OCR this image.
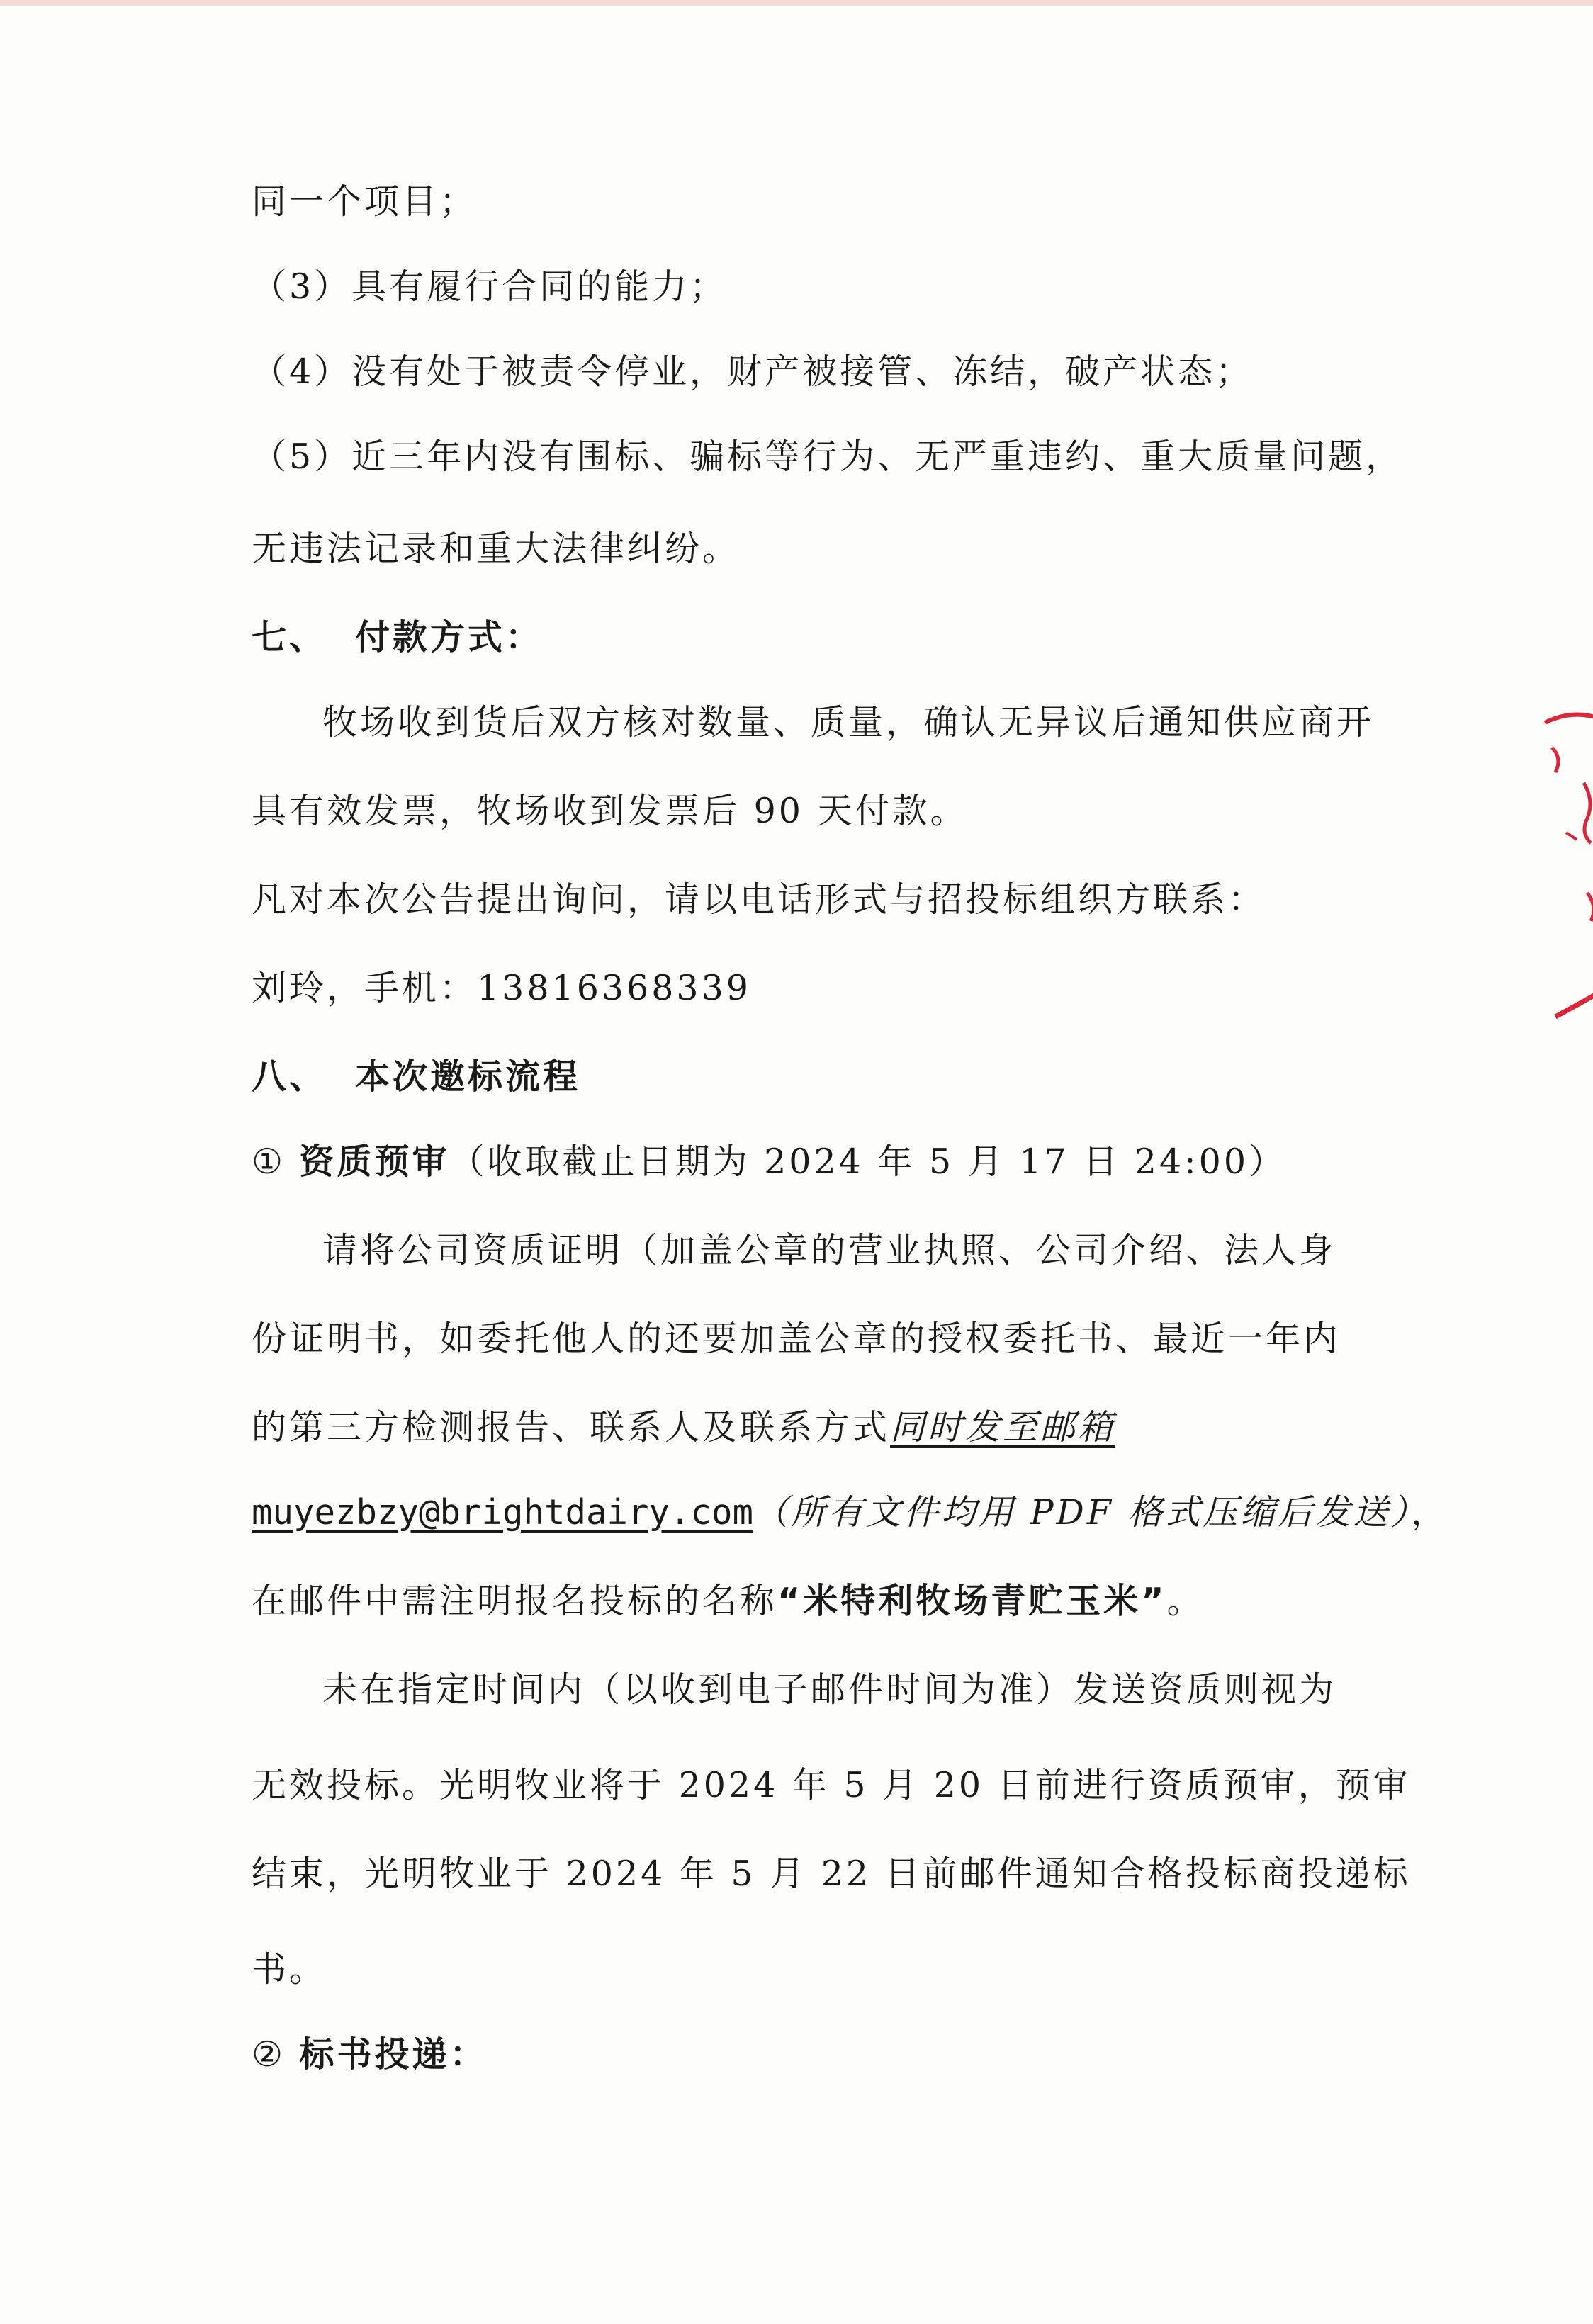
同一个项目；
（3）具有履行合同的能力；
（4）没有处于被责令停业，财产被接管、冻结，破产状态；
（5）近三年内没有围标、骗标等行为、无严重违约、重大质量问题，
无违法记录和重大法律纠纷。
七、 付款方式：
牧场收到货后双方核对数量、质量，确认无异议后通知供应商开
具有效发票，牧场收到发票后 90 天付款。
凡对本次公告提出询问，请以电话形式与招投标组织方联系：
刘玲，手机：13816368339
八、 本次邀标流程
① 资质预审（收取截止日期为 2024 年 5 月 17 日 24:00）
请将公司资质证明（加盖公章的营业执照、公司介绍、法人身
份证明书，如委托他人的还要加盖公章的授权委托书、最近一年内
的第三方检测报告、联系人及联系方式同时发至邮箱
muyezbzy@brightdairy.com（所有文件均用 PDF 格式压缩后发送），
在邮件中需注明报名投标的名称“米特利牧场青贮玉米”。
未在指定时间内（以收到电子邮件时间为准）发送资质则视为
无效投标。光明牧业将于 2024 年 5 月 20 日前进行资质预审，预审
结束，光明牧业于 2024 年 5 月 22 日前邮件通知合格投标商投递标
书。
② 标书投递：
